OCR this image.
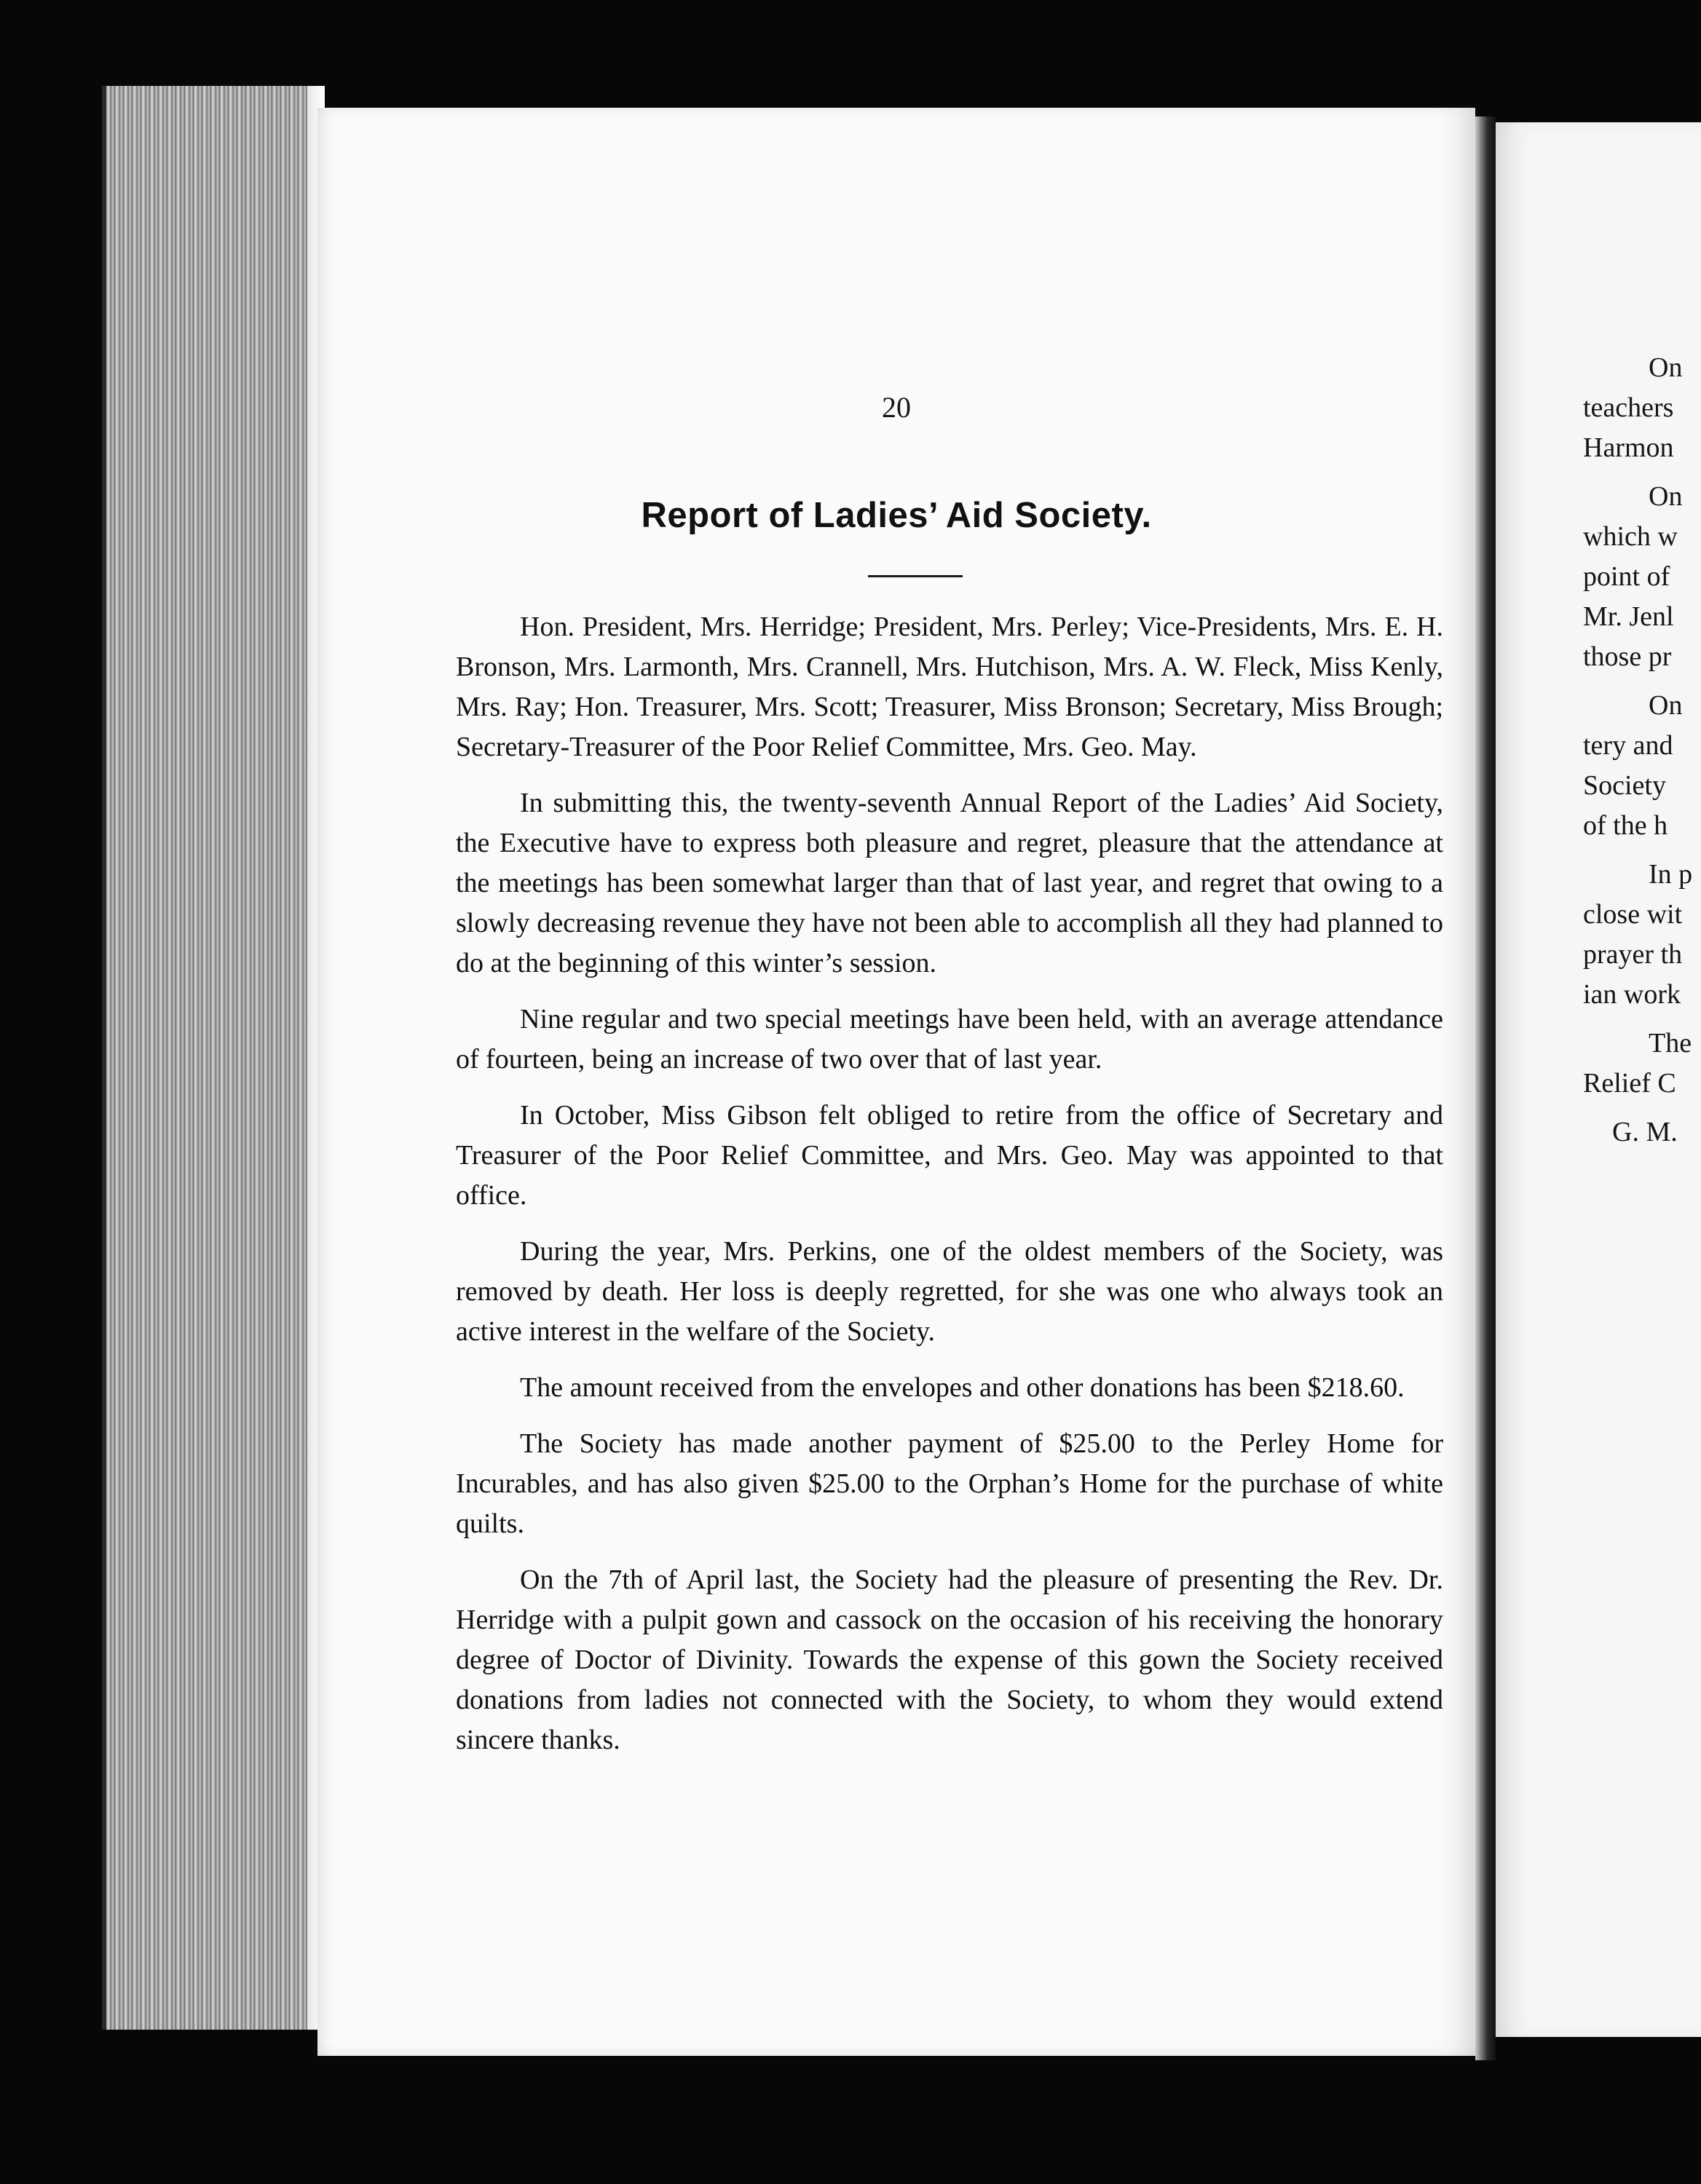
20
Report of Ladies’ Aid Society.

Hon. President, Mrs. Herridge; President, Mrs. Perley; Vice-Presidents, Mrs. E. H. Bronson, Mrs. Larmonth, Mrs. Crannell, Mrs. Hutchison, Mrs. A. W. Fleck, Miss Kenly, Mrs. Ray; Hon. Treasurer, Mrs. Scott; Treasurer, Miss Bronson; Secretary, Miss Brough; Secretary-Treasurer of the Poor Relief Committee, Mrs. Geo. May.

In submitting this, the twenty-seventh Annual Report of the Ladies’ Aid Society, the Executive have to express both pleasure and regret, pleasure that the attendance at the meetings has been somewhat larger than that of last year, and regret that owing to a slowly decreasing revenue they have not been able to accomplish all they had planned to do at the beginning of this winter’s session.

Nine regular and two special meetings have been held, with an average attendance of fourteen, being an increase of two over that of last year.

In October, Miss Gibson felt obliged to retire from the office of Secretary and Treasurer of the Poor Relief Committee, and Mrs. Geo. May was appointed to that office.

During the year, Mrs. Perkins, one of the oldest members of the Society, was removed by death. Her loss is deeply regretted, for she was one who always took an active interest in the welfare of the Society.

The amount received from the envelopes and other donations has been $218.60.

The Society has made another payment of $25.00 to the Perley Home for Incurables, and has also given $25.00 to the Orphan’s Home for the purchase of white quilts.

On the 7th of April last, the Society had the pleasure of presenting the Rev. Dr. Herridge with a pulpit gown and cassock on the occasion of his receiving the honorary degree of Doctor of Divinity. Towards the expense of this gown the Society received donations from ladies not connected with the Society, to whom they would extend sincere thanks.

On
teachers
Harmon
On
which w
point of
Mr. Jenl
those pr
On
tery and
Society
of the h
In p
close wit
prayer th
ian work
The
Relief C
G. M.
